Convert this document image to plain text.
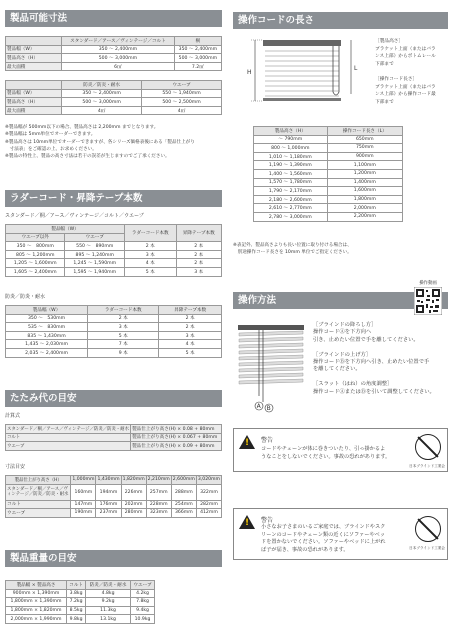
製品可能寸法
	スタンダード／アース／ヴィンテージ／コルト	桐
製品幅（W）	350 ～ 2,400mm	350 ～ 2,400mm
製品高さ（H）	500 ～ 3,000mm	500 ～ 3,000mm
最大面積	6㎡	7.2㎡
	防炎／防炎・耐水	ウエーブ
製品幅（W）	350 ～ 2,400mm	550 ～ 1,940mm
製品高さ（H）	500 ～ 3,000mm	500 ～ 2,500mm
最大面積	4㎡	4㎡
※製品幅が 500mm以下の場合、製品高さは 2,200mm までとなります。
※製品幅は 5mm単位でオーダーできます。
※製品高さは 10mm単位でオーダーできますが、各シリーズ価格表後にある「製品仕上がり
　寸法表」をご確認の上、お求めください。
※製品の特性上、製品の高さ寸法は若干の誤差が生じますのでご了承ください。
ラダーコード・昇降テープ本数
スタンダード／桐／アース／ヴィンテージ／コルト／ウエーブ
製品幅（W）		ラダーコード本数	昇降テープ本数
ウエーブ以外	ウエーブ		
350 ～　800mm	550 ～　890mm	2 本	2 本
805 ～ 1,200mm	895 ～ 1,240mm	3 本	2 本
1,205 ～ 1,600mm	1,245 ～ 1,590mm	4 本	2 本
1,605 ～ 2,400mm	1,595 ～ 1,940mm	5 本	3 本
防炎／防炎・耐水
製品幅（W）	ラダーコード本数	昇降テープ本数
350 ～　530mm	2 本	2 本
535 ～　830mm	3 本	2 本
835 ～ 1,430mm	5 本	3 本
1,435 ～ 2,030mm	7 本	4 本
2,035 ～ 2,400mm	9 本	5 本
たたみ代の目安
計算式
スタンダード／桐／アース／ヴィンテージ／防炎／防炎・耐水	製品仕上がり高さ(H) × 0.08 + 80mm
コルト	製品仕上がり高さ(H) × 0.067 + 80mm
ウエーブ	製品仕上がり高さ(H) × 0.09 + 80mm
寸法目安
製品仕上がり高さ（H）	1,000mm	1,430mm	1,820mm	2,210mm	2,600mm	3,020mm
スタンダード／桐／アース／ヴィンテージ／防炎／防炎・耐水	160mm	194mm	226mm	257mm	288mm	322mm
コルト	147mm	176mm	202mm	228mm	254mm	282mm
ウエーブ	190mm	237mm	280mm	323mm	366mm	412mm
製品重量の目安
製品幅 × 製品高さ	コルト	防炎／防炎・耐水	ウエーブ
900mm × 1,390mm	3.8kg	4.8kg	4.2kg
1,800mm × 1,390mm	7.2kg	9.2kg	7.8kg
1,800mm × 1,820mm	8.5kg	11.3kg	9.4kg
2,000mm × 1,990mm	9.8kg	13.1kg	10.9kg
操作コードの長さ
H
L
［製品高さ］
ブラケット上面（またはバラ
ンス上部）からボトムレール
下部まで
［操作コード長さ］
ブラケット上面（またはバラ
ンス上部）から操作コード最
下部まで
製品高さ（H）	操作コード長さ（L）
～ 790mm	650mm
800 ～ 1,000mm	750mm
1,010 ～ 1,180mm	900mm
1,190 ～ 1,390mm	1,100mm
1,400 ～ 1,560mm	1,200mm
1,570 ～ 1,780mm	1,400mm
1,790 ～ 2,170mm	1,600mm
2,180 ～ 2,600mm	1,800mm
2,610 ～ 2,770mm	2,000mm
2,780 ～ 3,000mm	2,200mm
※表記外、製品高さよりも長い位置に取り付ける場合は、
　別途操作コード長さを 10mm 単位でご指定ください。
操作方法
操作動画
A B
［ブラインドの降ろし方］
操作コードⒶを下方向へ
引き、止めたい位置で手を離してください。
［ブラインドの上げ方］
操作コードⒷを下方向へ引き、止めたい位置で手
を離してください。
［スラット（はね）の角度調整］
操作コードⒶまたはⒷを引いて調整してください。
! 警告
コードやチェーンが体に巻きついたり、引っ掛かるよ
うなことをしないでください。事故の恐れがあります。
日本ブラインド工業会
! 警告
小さなお子さまのいるご家庭では、ブラインドやスク
リーンのコードやチェーン類の近くにソファーやベッ
ドを置かないでください。ソファーやベッドに上がれ
ば子が届き、事故の恐れがあります。	日本ブラインド工業会
